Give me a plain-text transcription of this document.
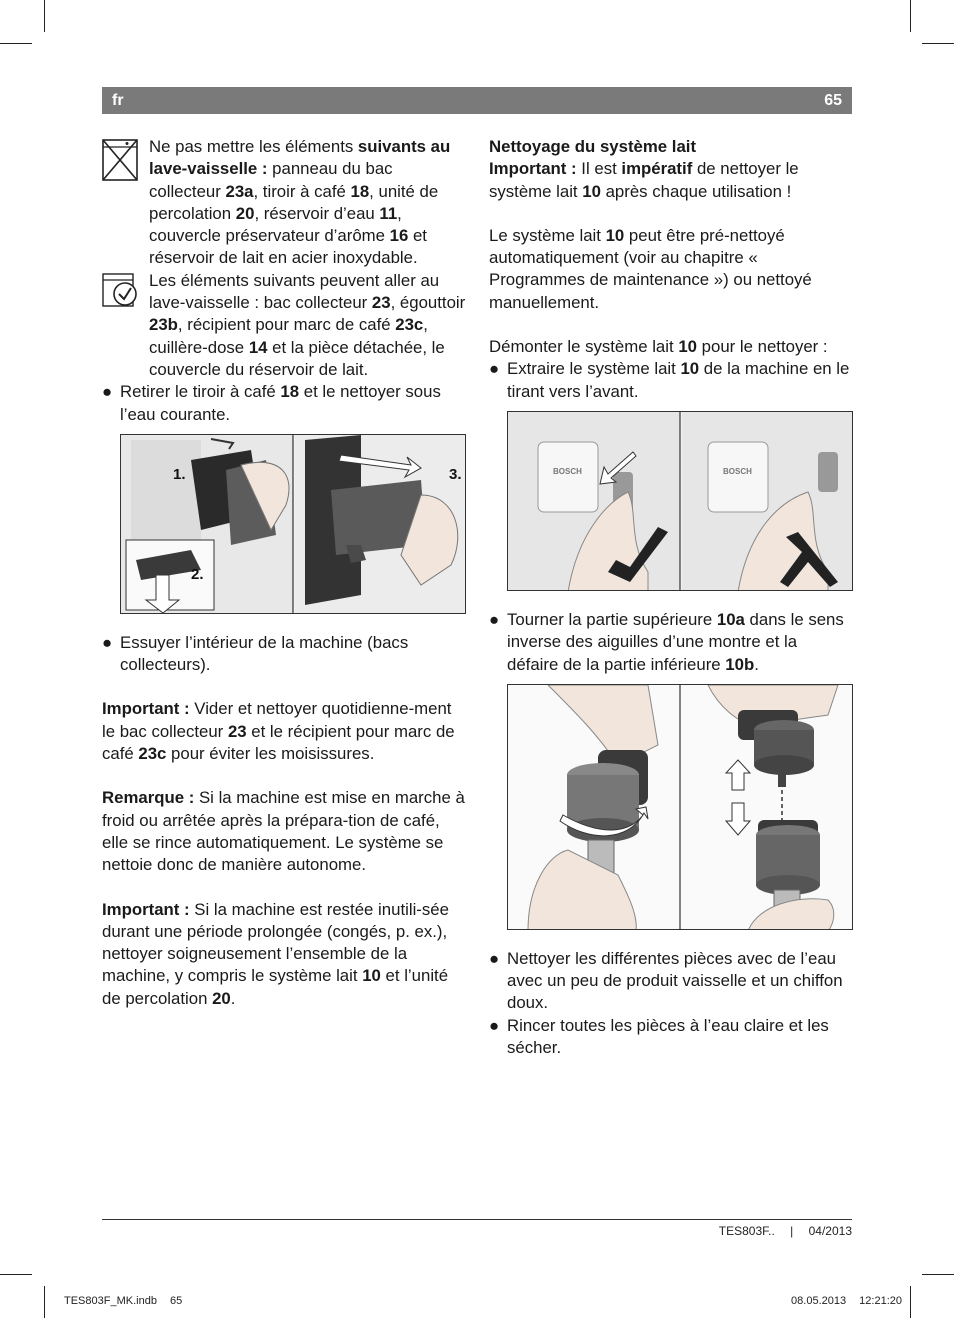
fr	65

Ne pas mettre les éléments suivants au lave-vaisselle : panneau du bac collecteur 23a, tiroir à café 18, unité de percolation 20, réservoir d’eau 11, couvercle préservateur d’arôme 16 et réservoir de lait en acier inoxydable.

Les éléments suivants peuvent aller au lave-vaisselle : bac collecteur 23, égouttoir 23b, récipient pour marc de café 23c, cuillère-dose 14 et la pièce détachée, le couvercle du réservoir de lait.

● Retirer le tiroir à café 18 et le nettoyer sous l’eau courante.

1.
2.
3.
● Essuyer l’intérieur de la machine (bacs collecteurs).

Important : Vider et nettoyer quotidienne-ment le bac collecteur 23 et le récipient pour marc de café 23c pour éviter les moisissures.

Remarque : Si la machine est mise en marche à froid ou arrêtée après la prépara-tion de café, elle se rince automatiquement. Le système se nettoie donc de manière autonome.

Important : Si la machine est restée inutili-sée durant une période prolongée (congés, p. ex.), nettoyer soigneusement l’ensemble de la machine, y compris le système lait 10 et l’unité de percolation 20.

Nettoyage du système lait

Important : Il est impératif de nettoyer le système lait 10 après chaque utilisation !

Le système lait 10 peut être pré-nettoyé automatiquement (voir au chapitre « Programmes de maintenance ») ou nettoyé manuellement.

Démonter le système lait 10 pour le nettoyer :

● Extraire le système lait 10 de la machine en le tirant vers l’avant.

BOSCH	BOSCH
● Tourner la partie supérieure 10a dans le sens inverse des aiguilles d’une montre et la défaire de la partie inférieure 10b.

● Nettoyer les différentes pièces avec de l’eau avec un peu de produit vaisselle et un chiffon doux.

● Rincer toutes les pièces à l’eau claire et les sécher.

TES803F.. | 04/2013
TES803F_MK.indb 65	08.05.2013 12:21:20
